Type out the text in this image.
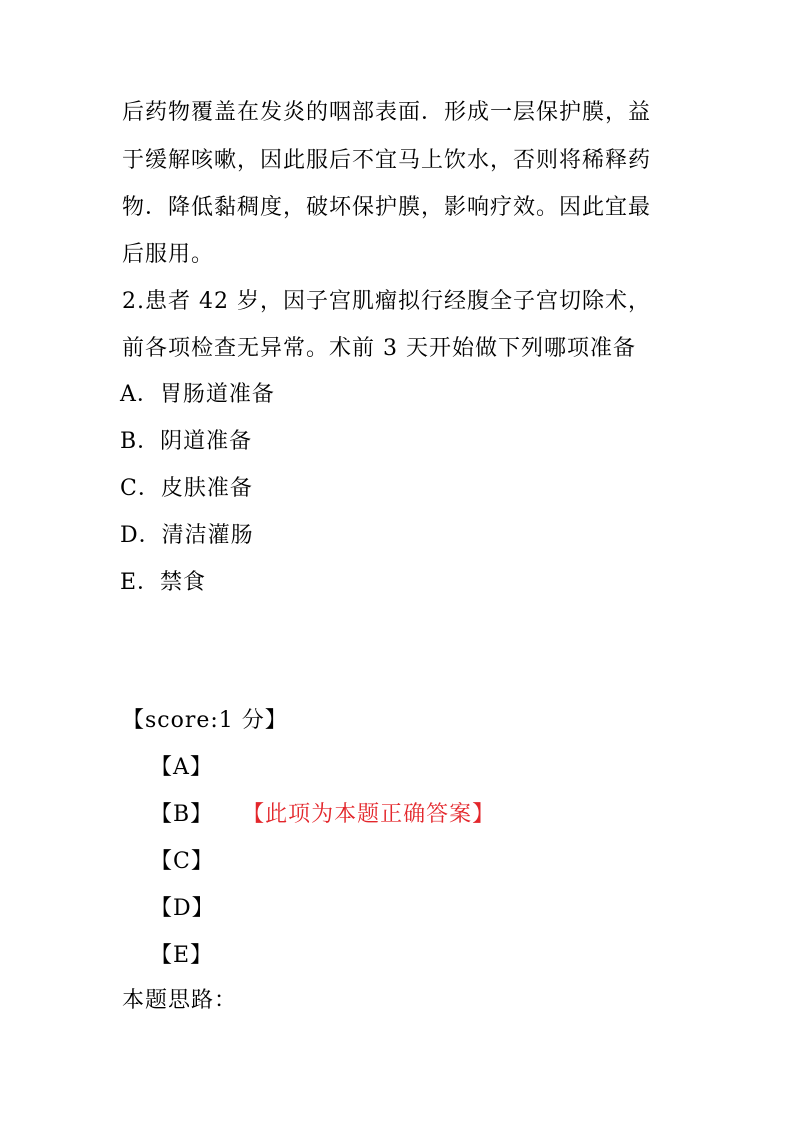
后药物覆盖在发炎的咽部表面．形成一层保护膜，益
于缓解咳嗽，因此服后不宜马上饮水，否则将稀释药
物．降低黏稠度，破坏保护膜，影响疗效。因此宜最
后服用。
2.患者 42 岁，因子宫肌瘤拟行经腹全子宫切除术，
前各项检查无异常。术前 3 天开始做下列哪项准备
A．胃肠道准备
B．阴道准备
C．皮肤准备
D．清洁灌肠
E．禁食
【score:1 分】
【A】
【B】 【此项为本题正确答案】
【C】
【D】
【E】
本题思路：
